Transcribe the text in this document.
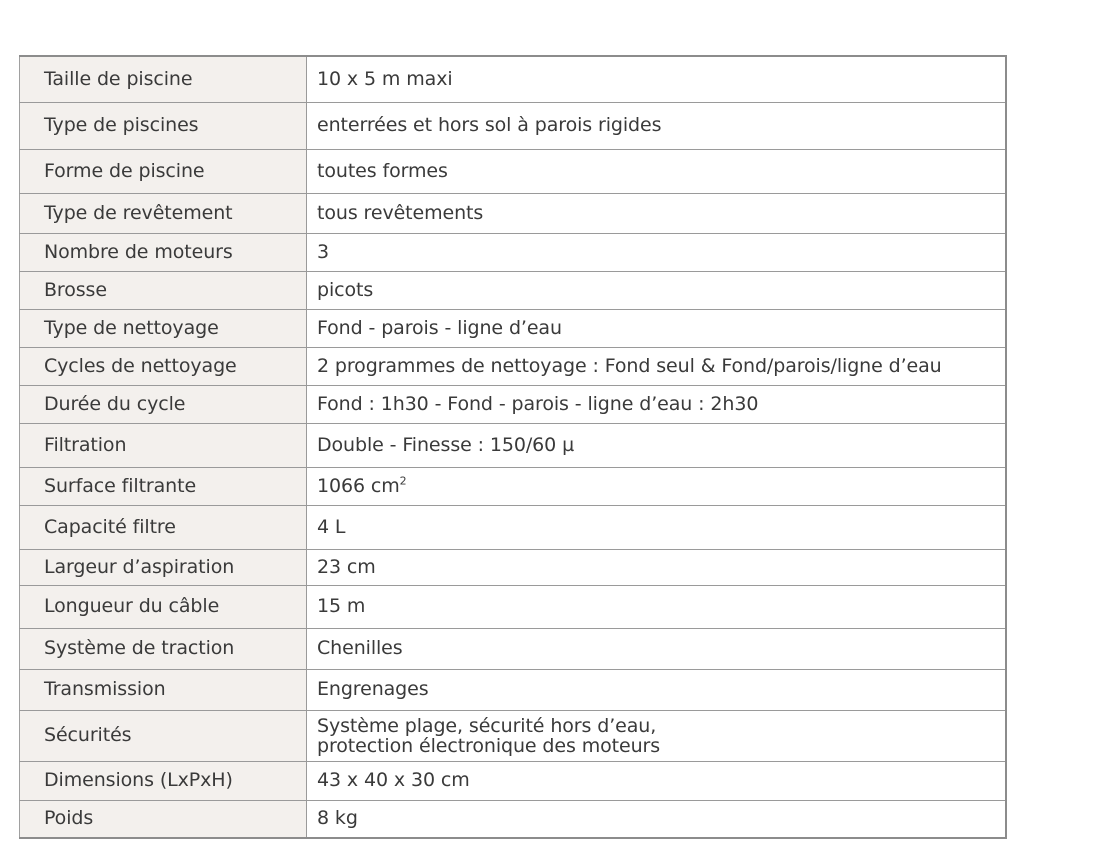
Taille de piscine	10 x 5 m maxi
Type de piscines	enterrées et hors sol à parois rigides
Forme de piscine	toutes formes
Type de revêtement	tous revêtements
Nombre de moteurs	3
Brosse	picots
Type de nettoyage	Fond - parois - ligne d’eau
Cycles de nettoyage	2 programmes de nettoyage : Fond seul & Fond/parois/ligne d’eau
Durée du cycle	Fond : 1h30 - Fond - parois - ligne d’eau : 2h30
Filtration	Double - Finesse : 150/60 µ
Surface filtrante	1066 $cm^2$
Capacité filtre	4 L
Largeur d’aspiration	23 cm
Longueur du câble	15 m
Système de traction	Chenilles
Transmission	Engrenages
Sécurités	Système plage, sécurité hors d’eau,
protection électronique des moteurs

Dimensions (LxPxH)	43 x 40 x 30 cm
Poids	8 kg
